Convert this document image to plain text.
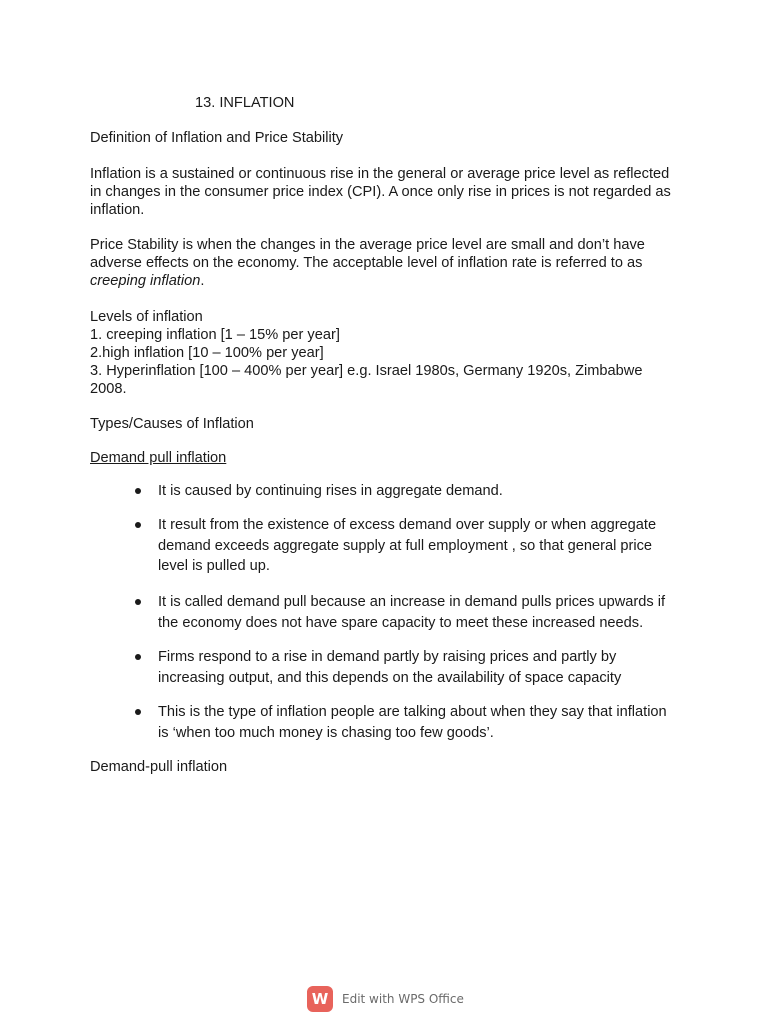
13. INFLATION

Definition of Inflation and Price Stability

Inflation is a sustained or continuous rise in the general or average price level as reflected in changes in the consumer price index (CPI). A once only rise in prices is not regarded as inflation.

Price Stability is when the changes in the average price level are small and don’t have adverse effects on the economy. The acceptable level of inflation rate is referred to as creeping inflation.

Levels of inflation
1. creeping inflation [1 – 15% per year]
2.high inflation [10 – 100% per year]
3. Hyperinflation [100 – 400% per year] e.g. Israel 1980s, Germany 1920s, Zimbabwe 2008.

Types/Causes of Inflation

Demand pull inflation

It is caused by continuing rises in aggregate demand.
It result from the existence of excess demand over supply or when aggregate demand exceeds aggregate supply at full employment , so that general price level is pulled up.
It is called demand pull because an increase in demand pulls prices upwards if the economy does not have spare capacity to meet these increased needs.
Firms respond to a rise in demand partly by raising prices and partly by increasing output, and this depends on the availability of space capacity
This is the type of inflation people are talking about when they say that inflation is ‘when too much money is chasing too few goods’.

Demand-pull inflation

W	Edit with WPS Office
